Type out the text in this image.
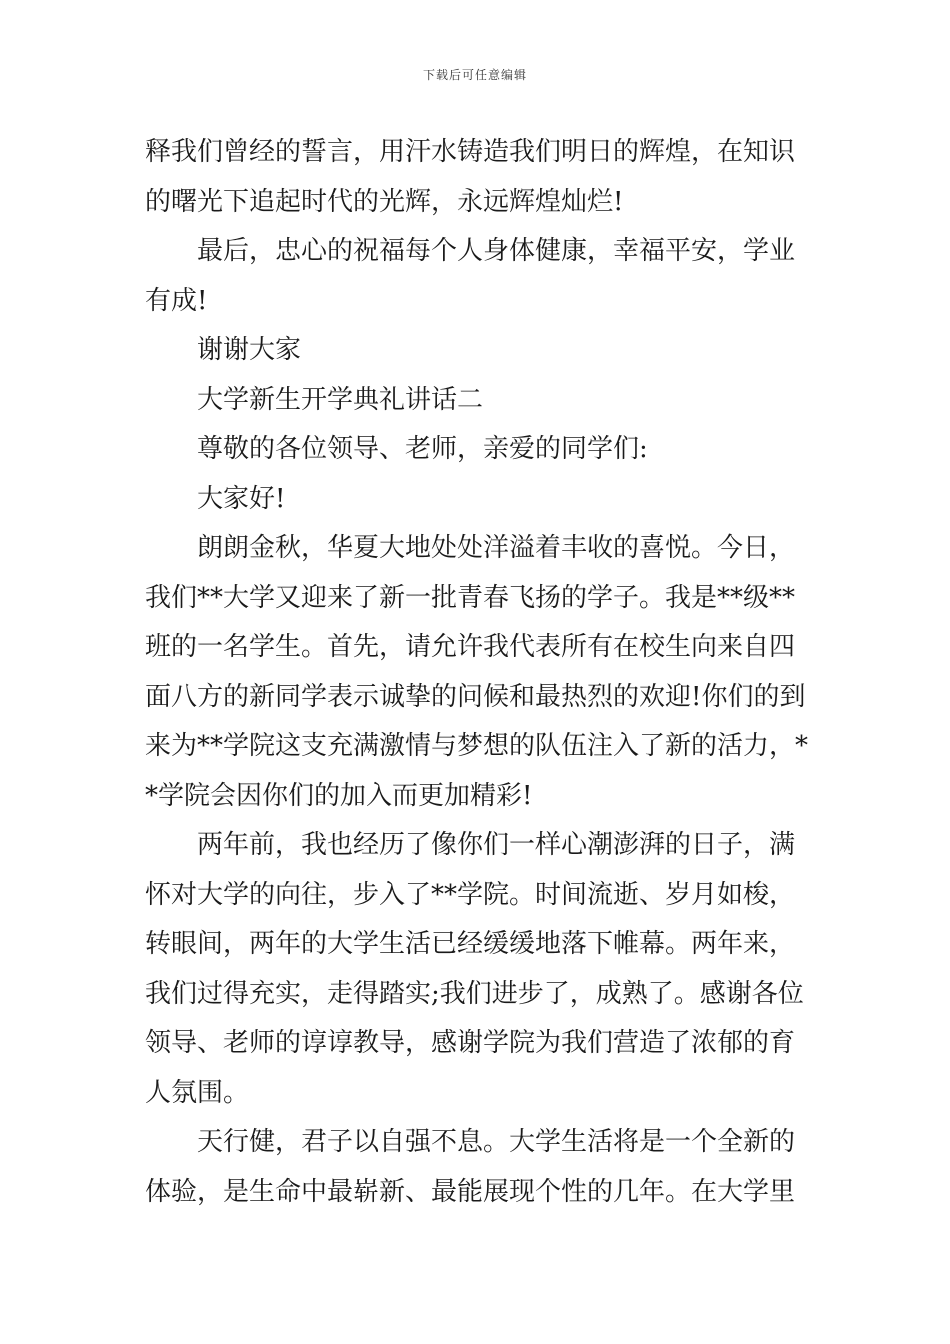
下载后可任意编辑
释我们曾经的誓言，用汗水铸造我们明日的辉煌，在知识
的曙光下追起时代的光辉，永远辉煌灿烂!
最后，忠心的祝福每个人身体健康，幸福平安，学业
有成!
谢谢大家
大学新生开学典礼讲话二
尊敬的各位领导、老师，亲爱的同学们:
大家好!
朗朗金秋，华夏大地处处洋溢着丰收的喜悦。今日，
我们**大学又迎来了新一批青春飞扬的学子。我是**级**
班的一名学生。首先，请允许我代表所有在校生向来自四
面八方的新同学表示诚挚的问候和最热烈的欢迎!你们的到
来为**学院这支充满激情与梦想的队伍注入了新的活力，*
*学院会因你们的加入而更加精彩!
两年前，我也经历了像你们一样心潮澎湃的日子，满
怀对大学的向往，步入了**学院。时间流逝、岁月如梭，
转眼间，两年的大学生活已经缓缓地落下帷幕。两年来，
我们过得充实，走得踏实;我们进步了，成熟了。感谢各位
领导、老师的谆谆教导，感谢学院为我们营造了浓郁的育
人氛围。
天行健，君子以自强不息。大学生活将是一个全新的
体验，是生命中最崭新、最能展现个性的几年。在大学里
